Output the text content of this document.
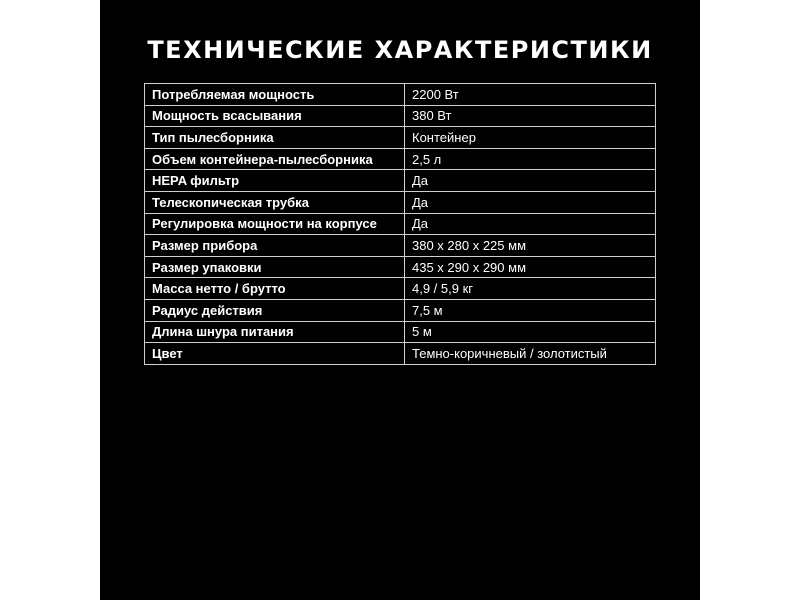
ТЕХНИЧЕСКИЕ ХАРАКТЕРИСТИКИ
Потребляемая мощность	2200 Вт
Мощность всасывания	380 Вт
Тип пылесборника	Контейнер
Объем контейнера-пылесборника	2,5 л
HEPA фильтр	Да
Телескопическая трубка	Да
Регулировка мощности на корпусе	Да
Размер прибора	380 х 280 х 225 мм
Размер упаковки	435 х 290 х 290 мм
Масса нетто / брутто	4,9 / 5,9 кг
Радиус действия	7,5 м
Длина шнура питания	5 м
Цвет	Темно-коричневый / золотистый
